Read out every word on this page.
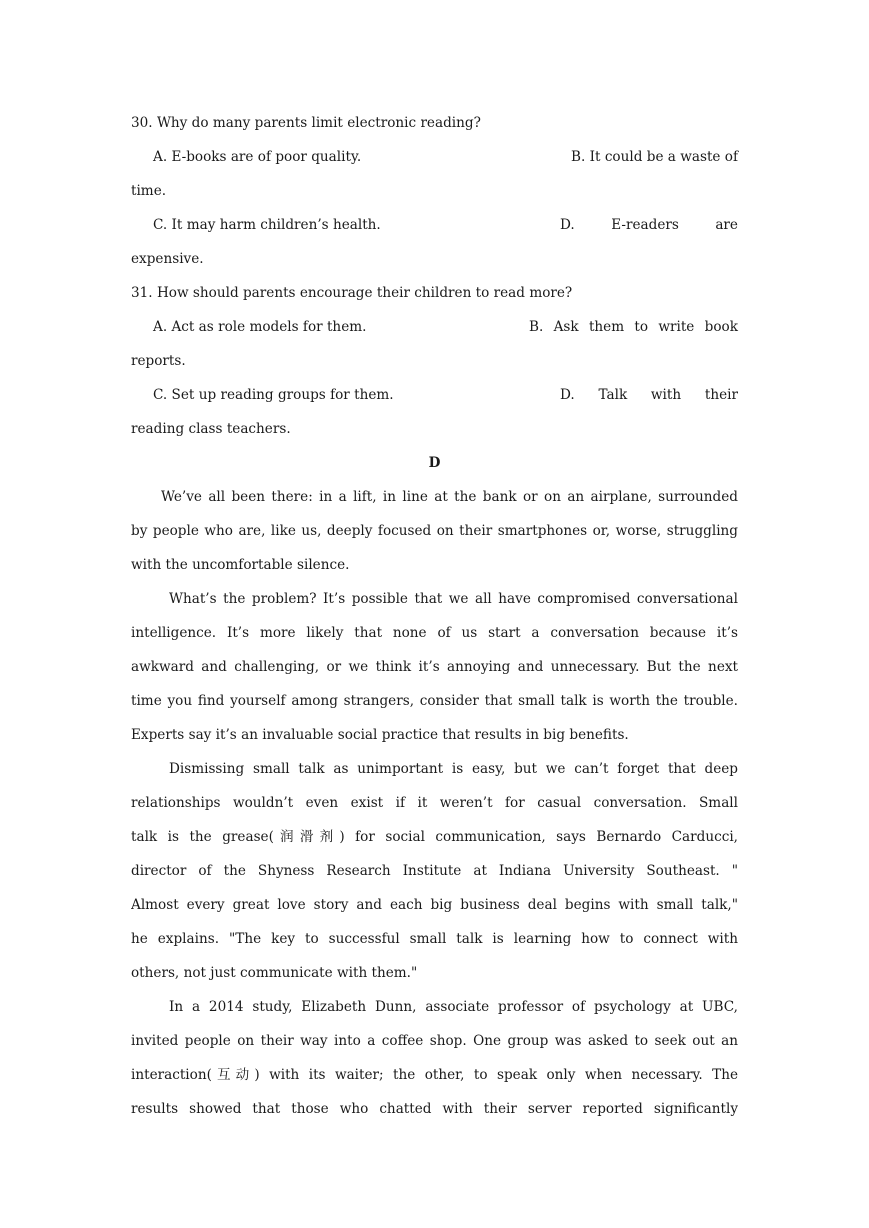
30. Why do many parents limit electronic reading?
A. E-books are of poor quality.	B. It could be a waste of
time.
C. It may harm children’s health.	D.	E-readers	are
expensive.
31. How should parents encourage their children to read more?
A. Act as role models for them.	B. Ask them to write book
reports.
C. Set up reading groups for them.	D. Talk with their
reading class teachers.
D
We’ve all been there: in a lift, in line at the bank or on an airplane, surrounded
by people who are, like us, deeply focused on their smartphones or, worse, struggling
with the uncomfortable silence.
What’s the problem? It’s possible that we all have compromised conversational
intelligence. It’s more likely that none of us start a conversation because it’s
awkward and challenging, or we think it’s annoying and unnecessary. But the next
time you find yourself among strangers, consider that small talk is worth the trouble.
Experts say it’s an invaluable social practice that results in big benefits.
Dismissing small talk as unimportant is easy, but we can’t forget that deep
relationships wouldn’t even exist if it weren’t for casual conversation. Small
talk is the grease(润滑剂) for social communication, says Bernardo Carducci,
director of the Shyness Research Institute at Indiana University Southeast. "
Almost every great love story and each big business deal begins with small talk,"
he explains. "The key to successful small talk is learning how to connect with
others, not just communicate with them."
In a 2014 study, Elizabeth Dunn, associate professor of psychology at UBC,
invited people on their way into a coffee shop. One group was asked to seek out an
interaction(互动) with its waiter; the other, to speak only when necessary. The
results showed that those who chatted with their server reported significantly
